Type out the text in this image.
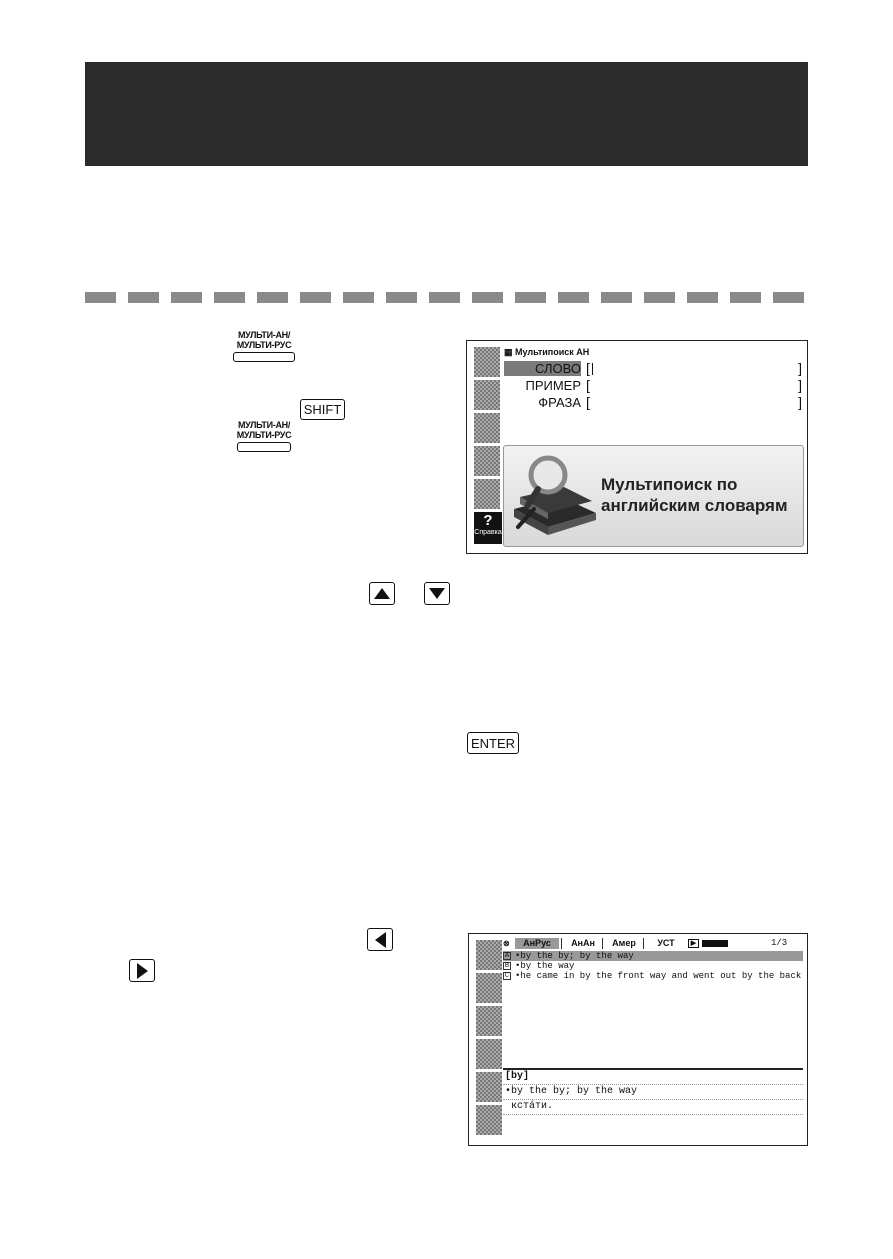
МУЛЬТИ-АН/
МУЛЬТИ-РУС
SHIFT
МУЛЬТИ-АН/
МУЛЬТИ-РУС
▦ Мультипоиск АН
СЛОВО [	]
ПРИМЕР [	]
ФРАЗА [	]
Мультипоиск по
английским словарям
?
Справка
ENTER
⊗	АнРус	АнАн	Амер	УСТ	▶	1/3
A •by the by; by the way
B •by the way
C •he came in by the front way and went out by the back
[by]
•by the by; by the way
кстáти.
